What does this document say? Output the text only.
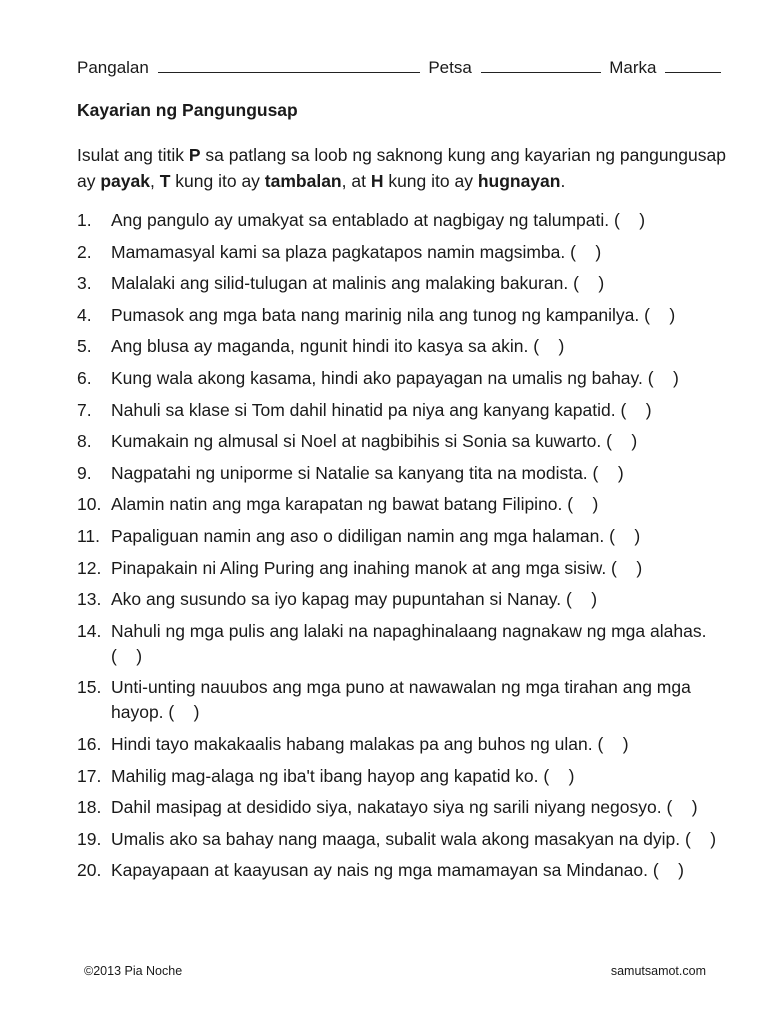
Pangalan	Petsa	Marka
Kayarian ng Pangungusap
Isulat ang titik P sa patlang sa loob ng saknong kung ang kayarian ng pangungusap ay payak, T kung ito ay tambalan, at H kung ito ay hugnayan.
1. Ang pangulo ay umakyat sa entablado at nagbigay ng talumpati. (    )
2. Mamamasyal kami sa plaza pagkatapos namin magsimba. (    )
3. Malalaki ang silid-tulugan at malinis ang malaking bakuran. (    )
4. Pumasok ang mga bata nang marinig nila ang tunog ng kampanilya. (    )
5. Ang blusa ay maganda, ngunit hindi ito kasya sa akin. (    )
6. Kung wala akong kasama, hindi ako papayagan na umalis ng bahay. (    )
7. Nahuli sa klase si Tom dahil hinatid pa niya ang kanyang kapatid. (    )
8. Kumakain ng almusal si Noel at nagbibihis si Sonia sa kuwarto. (    )
9. Nagpatahi ng uniporme si Natalie sa kanyang tita na modista. (    )
10. Alamin natin ang mga karapatan ng bawat batang Filipino. (    )
11. Papaliguan namin ang aso o didiligan namin ang mga halaman. (    )
12. Pinapakain ni Aling Puring ang inahing manok at ang mga sisiw. (    )
13. Ako ang susundo sa iyo kapag may pupuntahan si Nanay. (    )
14. Nahuli ng mga pulis ang lalaki na napaghinalaang nagnakaw ng mga alahas. (    )
15. Unti-unting nauubos ang mga puno at nawawalan ng mga tirahan ang mga hayop. (    )
16. Hindi tayo makakaalis habang malakas pa ang buhos ng ulan. (    )
17. Mahilig mag-alaga ng iba't ibang hayop ang kapatid ko. (    )
18. Dahil masipag at desidido siya, nakatayo siya ng sarili niyang negosyo. (    )
19. Umalis ako sa bahay nang maaga, subalit wala akong masakyan na dyip. (    )
20. Kapayapaan at kaayusan ay nais ng mga mamamayan sa Mindanao. (    )
©2013 Pia Noche	samutsamot.com
